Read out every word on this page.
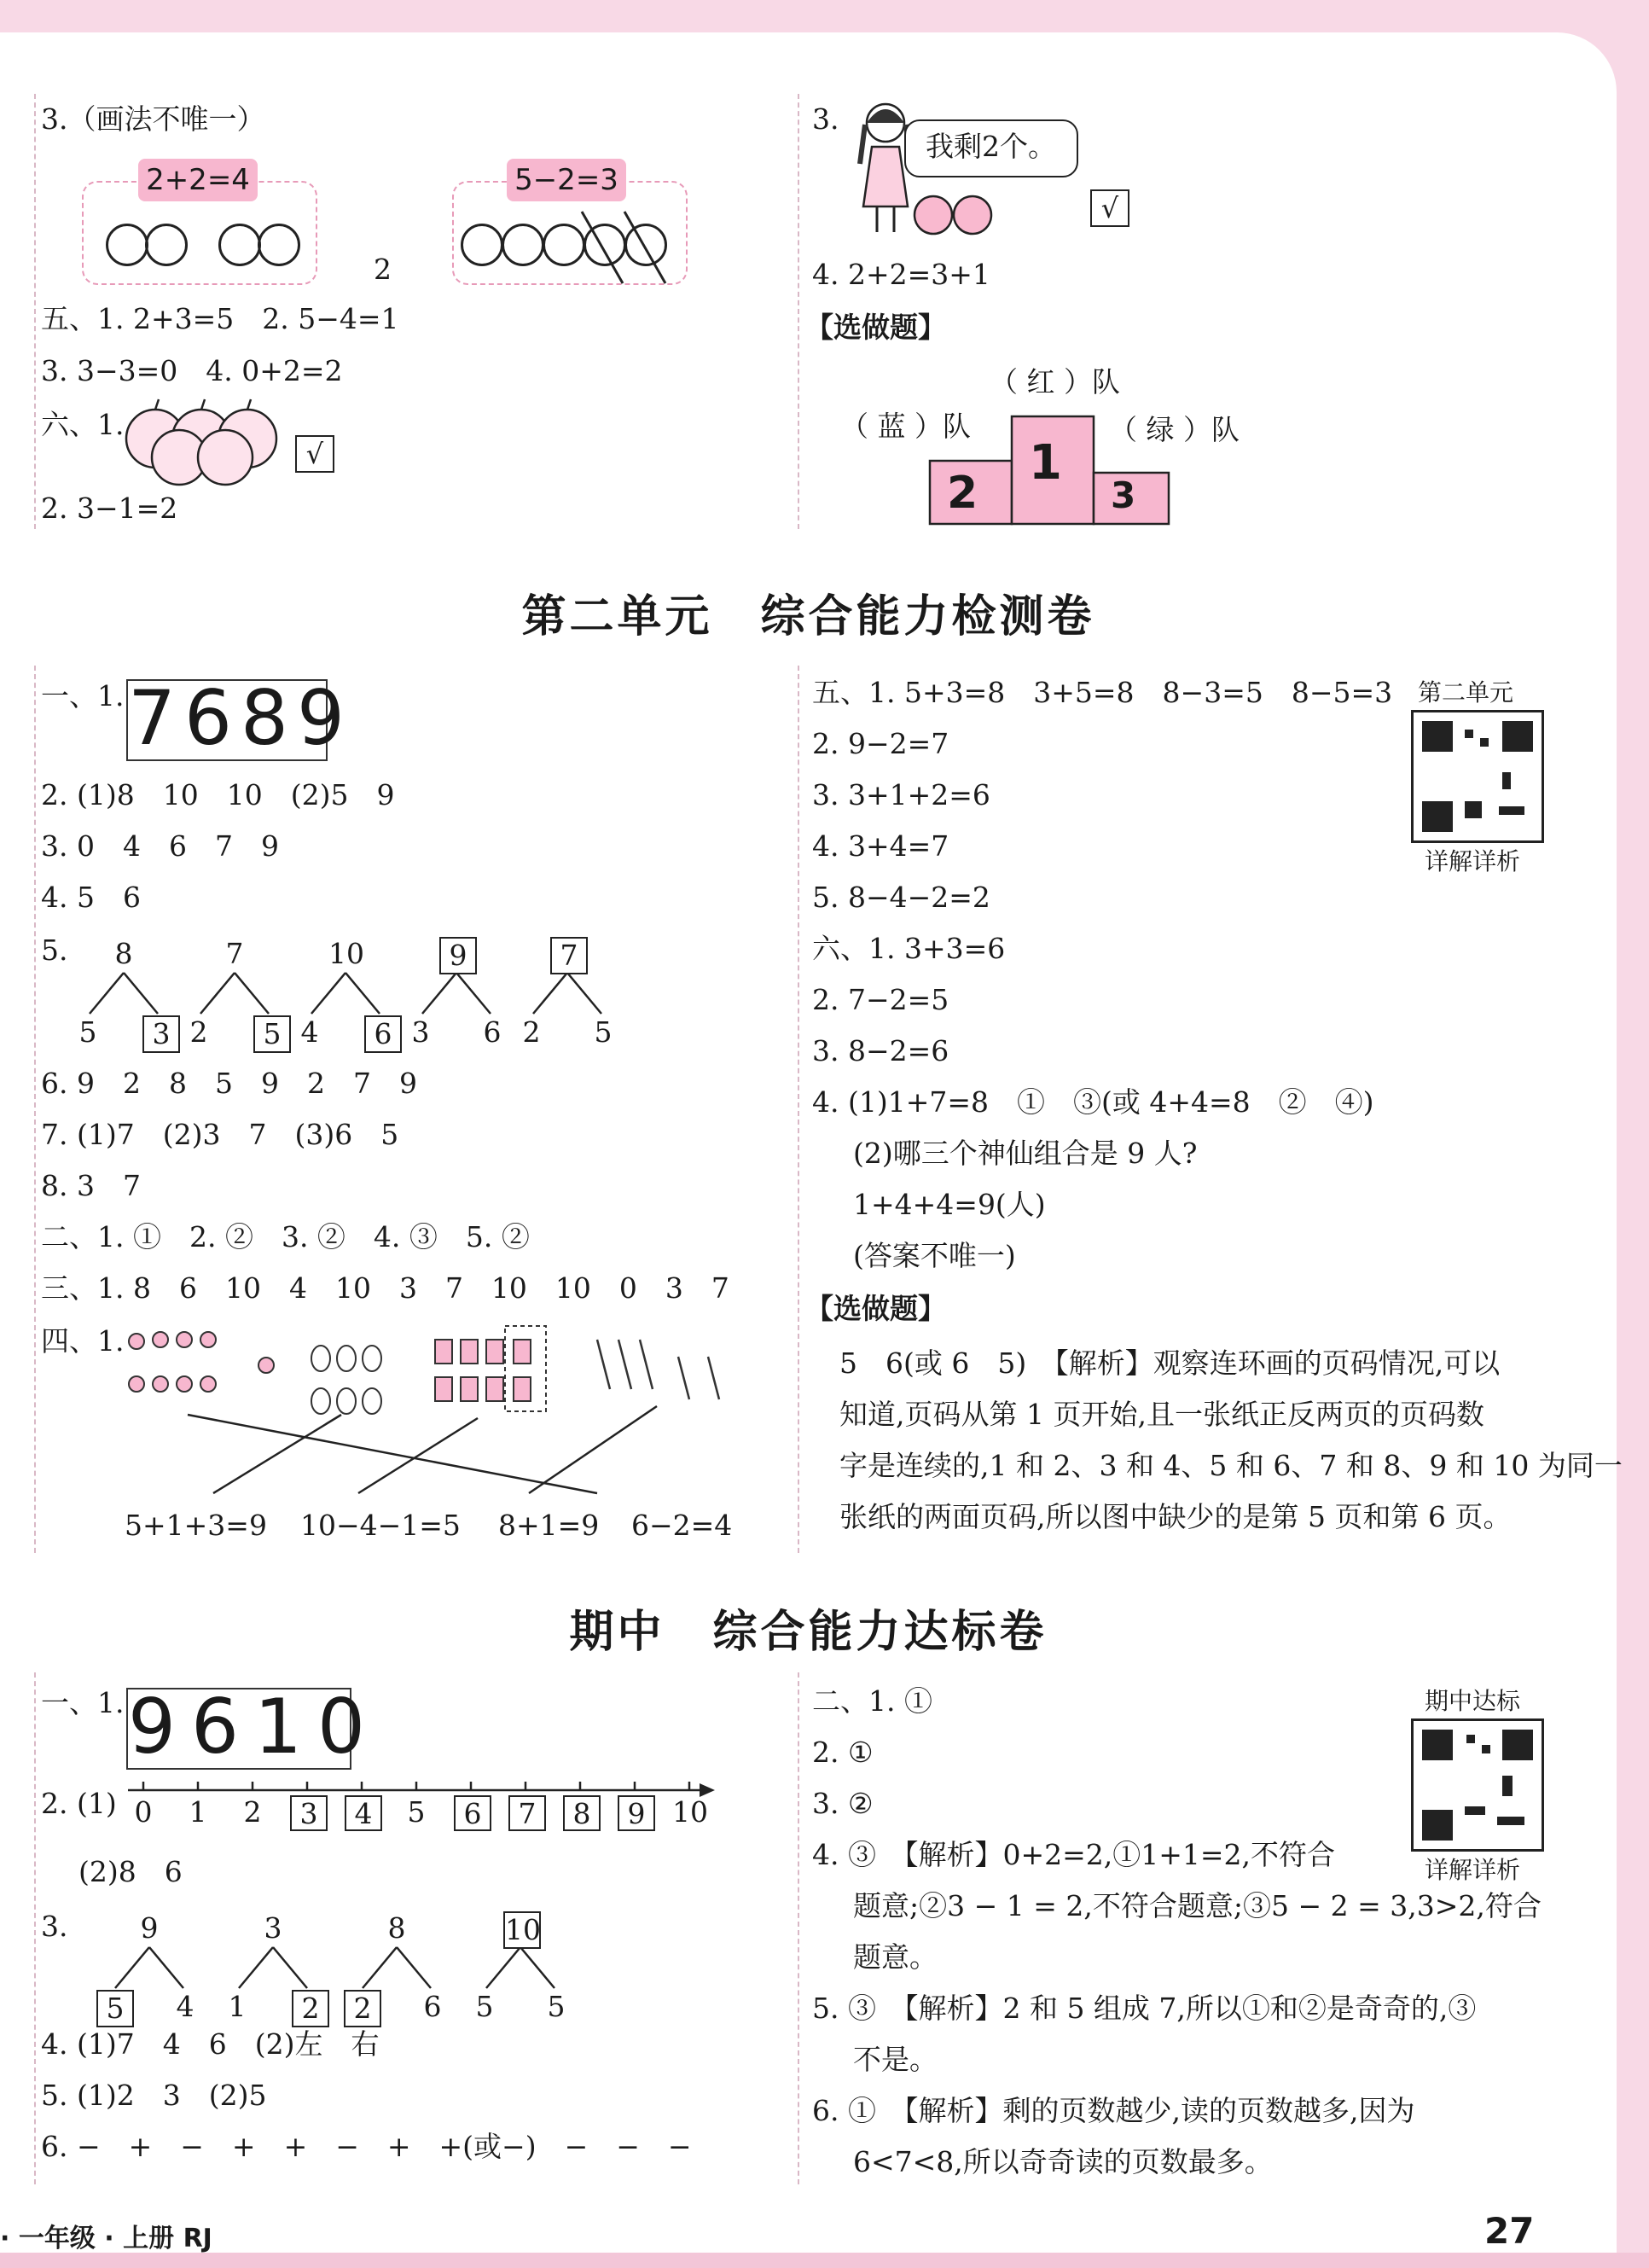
3.（画法不唯一）
2+2=4
2
5−2=3
五、1. 2+3=5　2. 5−4=1
3. 3−3=0　4. 0+2=2
六、1.
√
2. 3−1=2
3.
我剩2个。
√
4. 2+2=3+1
【选做题】
（ 红 ）队
（ 蓝 ）队	（ 绿 ）队
2
1
3
第二单元　综合能力检测卷
一、1. 7689
2. (1)8　10　10　(2)5　9
3. 0　4　6　7　9
4. 5　6
5. 8
5	3
7
2	5
10
4	6
9
3 6
7
2 5
6. 9　2　8　5　9　2　7　9
7. (1)7　(2)3　7　(3)6　5
8. 3　7
二、1. ①　2. ②　3. ②　4. ③　5. ②
三、1. 8　6　10　4　10　3　7　10　10　0　3　7
四、1.
5+1+3=9 10−4−1=5 8+1=9 6−2=4
五、1. 5+3=8　3+5=8　8−3=5　8−5=3
2. 9−2=7
3. 3+1+2=6
4. 3+4=7
5. 8−4−2=2
六、1. 3+3=6
2. 7−2=5
3. 8−2=6
4. (1)1+7=8　①　③(或 4+4=8　②　④)
(2)哪三个神仙组合是 9 人?
1+4+4=9(人)
(答案不唯一)
【选做题】
5　6(或 6　5)　【解析】观察连环画的页码情况,可以
知道,页码从第 1 页开始,且一张纸正反两页的页码数
字是连续的,1 和 2、3 和 4、5 和 6、7 和 8、9 和 10 为同一
张纸的两面页码,所以图中缺少的是第 5 页和第 6 页。
第二单元
详解详析
期中　综合能力达标卷
一、1. 9610
2. (1) 0 1 2	3	4	5	6	7	8	9 10
(2)8　6
3.	9
5	4
3
1	2
8
2	6
10
5 5
4. (1)7　4　6　(2)左　右
5. (1)2　3　(2)5
6. −　+　−　+　+　−　+　+(或−)　−　−　−
二、1. ①
2. ①
3. ②
4. ③　【解析】0+2=2,①1+1=2,不符合
题意;②3 − 1 = 2,不符合题意;③5 − 2 = 3,3>2,符合
题意。
5. ③　【解析】2 和 5 组成 7,所以①和②是奇奇的,③
不是。
6. ①　【解析】剩的页数越少,读的页数越多,因为
6<7<8,所以奇奇读的页数最多。
期中达标
详解详析
· 一年级 · 上册 RJ	27
